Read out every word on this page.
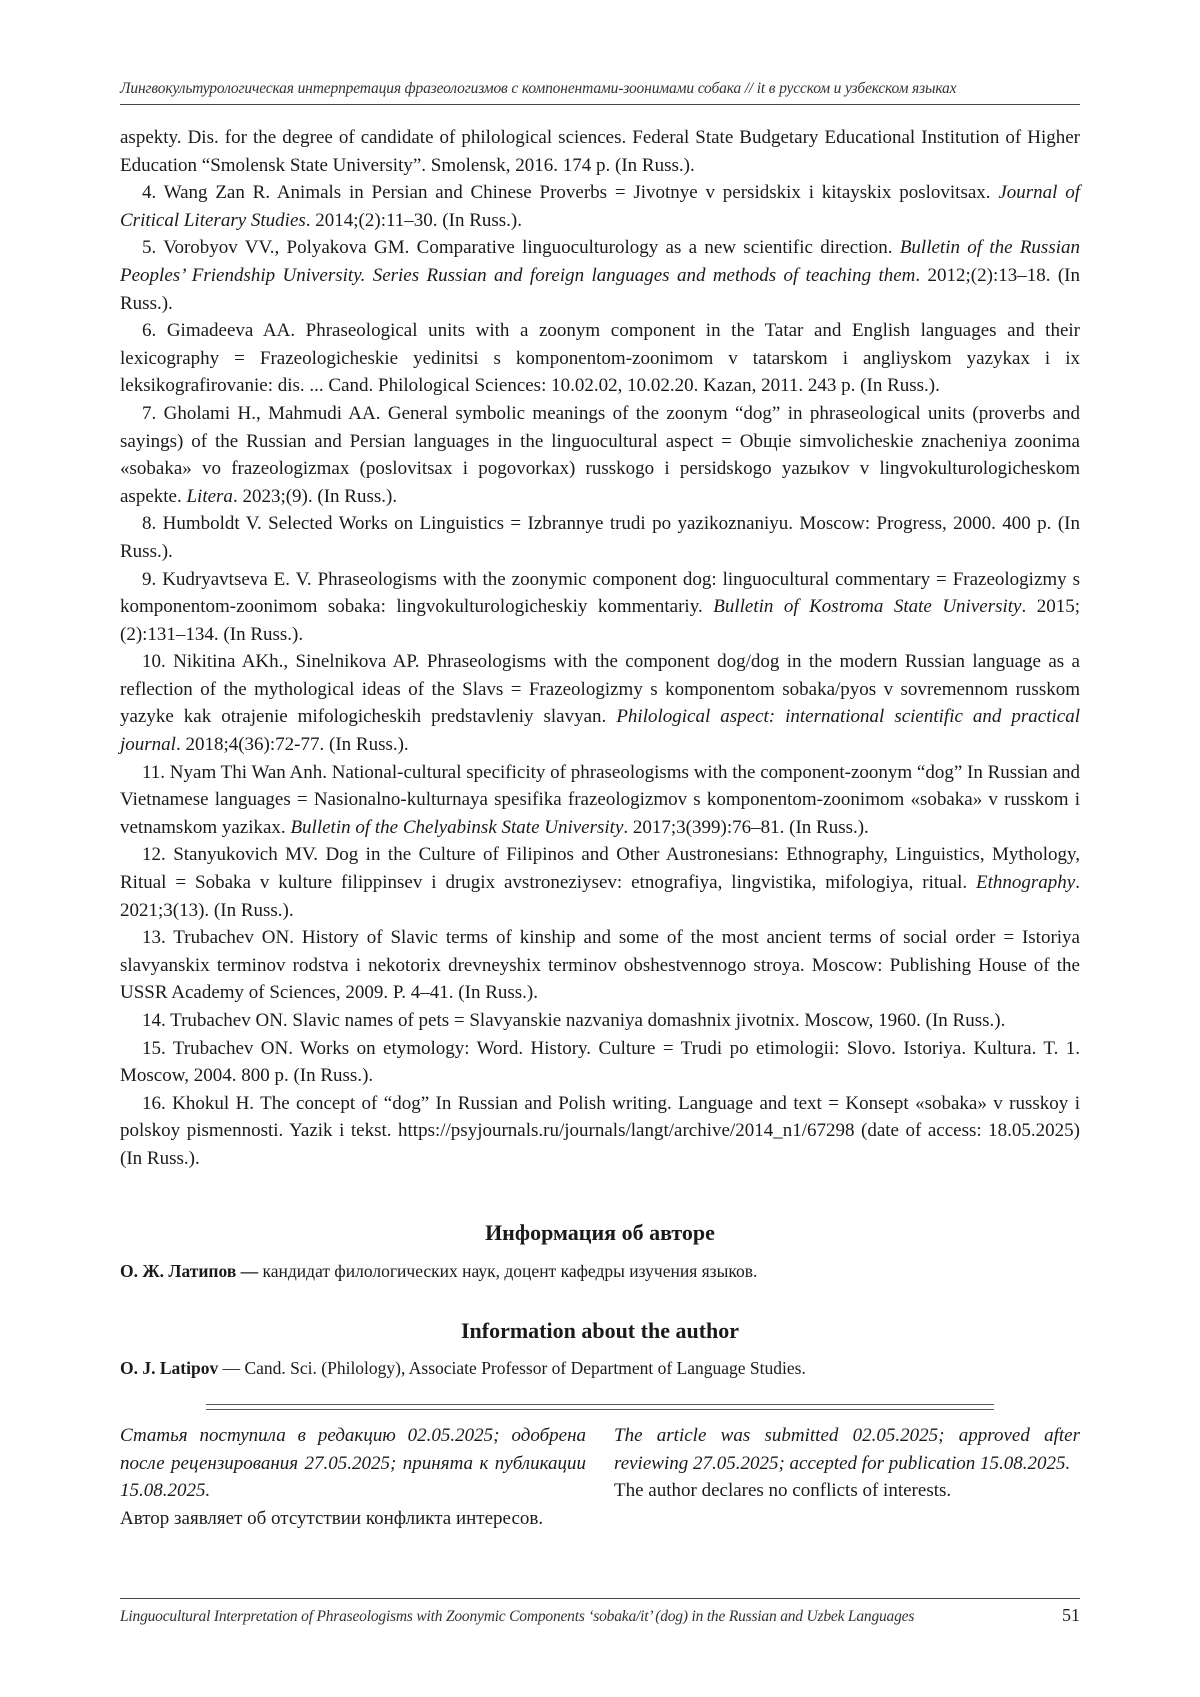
Лингвокультурологическая интерпретация фразеологизмов с компонентами-зоонимами собака // it в русском и узбекском языках

aspekty. Dis. for the degree of candidate of philological sciences. Federal State Budgetary Educational Institution of Higher Education “Smolensk State University”. Smolensk, 2016. 174 p. (In Russ.).

4. Wang Zan R. Animals in Persian and Chinese Proverbs = Jivotnye v persidskix i kitayskix poslovitsax. Journal of Critical Literary Studies. 2014;(2):11–30. (In Russ.).

5. Vorobyov VV., Polyakova GM. Comparative linguoculturology as a new scientific direction. Bulletin of the Russian Peoples’ Friendship University. Series Russian and foreign languages and methods of teaching them. 2012;(2):13–18. (In Russ.).

6. Gimadeeva AA. Phraseological units with a zoonym component in the Tatar and English languages and their lexicography = Frazeologicheskie yedinitsi s komponentom-zoonimom v tatarskom i angliyskom yazykax i ix leksikografirovanie: dis. ... Cand. Philological Sciences: 10.02.02, 10.02.20. Kazan, 2011. 243 p. (In Russ.).

7. Gholami H., Mahmudi AA. General symbolic meanings of the zoonym “dog” in phraseological units (proverbs and sayings) of the Russian and Persian languages in the linguocultural aspect = Obщie simvolicheskie znacheniya zoonima «sobaka» vo frazeologizmax (poslovitsax i pogovorkax) russkogo i persidskogo yazыkov v lingvokulturologicheskom aspekte. Litera. 2023;(9). (In Russ.).

8. Humboldt V. Selected Works on Linguistics = Izbrannye trudi po yazikoznaniyu. Moscow: Progress, 2000. 400 p. (In Russ.).

9. Kudryavtseva E. V. Phraseologisms with the zoonymic component dog: linguocultural commentary = Frazeologizmy s komponentom-zoonimom sobaka: lingvokulturologicheskiy kommentariy. Bulletin of Kostroma State University. 2015;(2):131–134. (In Russ.).

10. Nikitina AKh., Sinelnikova AP. Phraseologisms with the component dog/dog in the modern Russian language as a reflection of the mythological ideas of the Slavs = Frazeologizmy s komponentom sobaka/pyos v sovremennom russkom yazyke kak otrajenie mifologicheskih predstavleniy slavyan. Philological aspect: international scientific and practical journal. 2018;4(36):72-77. (In Russ.).

11. Nyam Thi Wan Anh. National-cultural specificity of phraseologisms with the component-zoonym “dog” In Russian and Vietnamese languages = Nasionalno-kulturnaya spesifika frazeologizmov s komponentom-zoonimom «sobaka» v russkom i vetnamskom yazikax. Bulletin of the Chelyabinsk State University. 2017;3(399):76–81. (In Russ.).

12. Stanyukovich MV. Dog in the Culture of Filipinos and Other Austronesians: Ethnography, Linguistics, Mythology, Ritual = Sobaka v kulture filippinsev i drugix avstroneziysev: etnografiya, lingvistika, mifologiya, ritual. Ethnography. 2021;3(13). (In Russ.).

13. Trubachev ON. History of Slavic terms of kinship and some of the most ancient terms of social order = Istoriya slavyanskix terminov rodstva i nekotorix drevneyshix terminov obshestvennogo stroya. Moscow: Publishing House of the USSR Academy of Sciences, 2009. P. 4–41. (In Russ.).

14. Trubachev ON. Slavic names of pets = Slavyanskie nazvaniya domashnix jivotnix. Moscow, 1960. (In Russ.).

15. Trubachev ON. Works on etymology: Word. History. Culture = Trudi po etimologii: Slovo. Istoriya. Kultura. T. 1. Moscow, 2004. 800 p. (In Russ.).

16. Khokul H. The concept of “dog” In Russian and Polish writing. Language and text = Konsept «sobaka» v russkoy i polskoy pismennosti. Yazik i tekst. https://psyjournals.ru/journals/langt/archive/2014_n1/67298 (date of access: 18.05.2025) (In Russ.).

Информация об авторе
О. Ж. Латипов — кандидат филологических наук, доцент кафедры изучения языков.
Information about the author
O. J. Latipov — Cand. Sci. (Philology), Associate Professor of Department of Language Studies.

Статья поступила в редакцию 02.05.2025; одобрена после рецензирования 27.05.2025; принята к публикации 15.08.2025.

Автор заявляет об отсутствии конфликта интересов.

The article was submitted 02.05.2025; approved after reviewing 27.05.2025; accepted for publication 15.08.2025.

The author declares no conflicts of interests.

Linguocultural Interpretation of Phraseologisms with Zoonymic Components ‘sobaka/it’ (dog) in the Russian and Uzbek Languages	51
